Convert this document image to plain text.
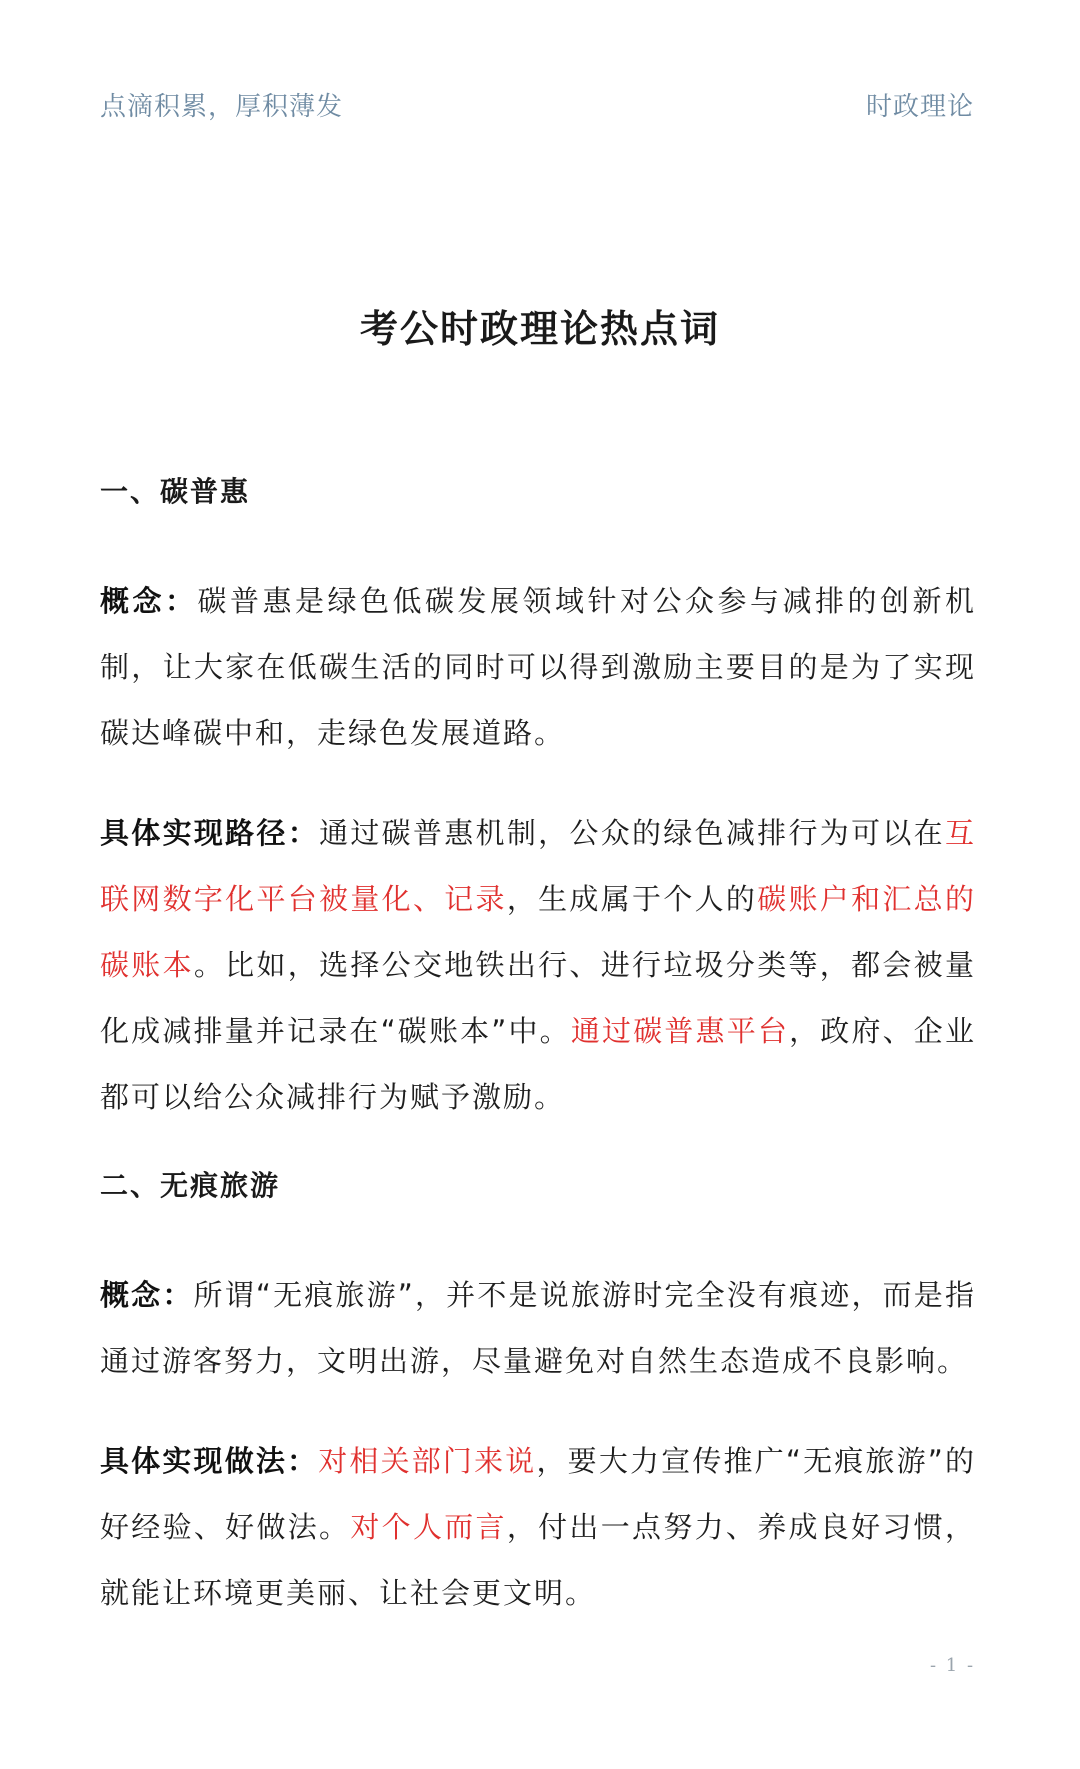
点滴积累，厚积薄发	时政理论
考公时政理论热点词
一、碳普惠

概念：碳普惠是绿色低碳发展领域针对公众参与减排的创新机制，让大家在低碳生活的同时可以得到激励主要目的是为了实现碳达峰碳中和，走绿色发展道路。

具体实现路径：通过碳普惠机制，公众的绿色减排行为可以在互联网数字化平台被量化、记录，生成属于个人的碳账户和汇总的碳账本。比如，选择公交地铁出行、进行垃圾分类等，都会被量化成减排量并记录在“碳账本”中。通过碳普惠平台，政府、企业都可以给公众减排行为赋予激励。

二、无痕旅游

概念：所谓“无痕旅游”，并不是说旅游时完全没有痕迹，而是指通过游客努力，文明出游，尽量避免对自然生态造成不良影响。

具体实现做法：对相关部门来说，要大力宣传推广“无痕旅游”的好经验、好做法。对个人而言，付出一点努力、养成良好习惯，就能让环境更美丽、让社会更文明。

- 1 -
